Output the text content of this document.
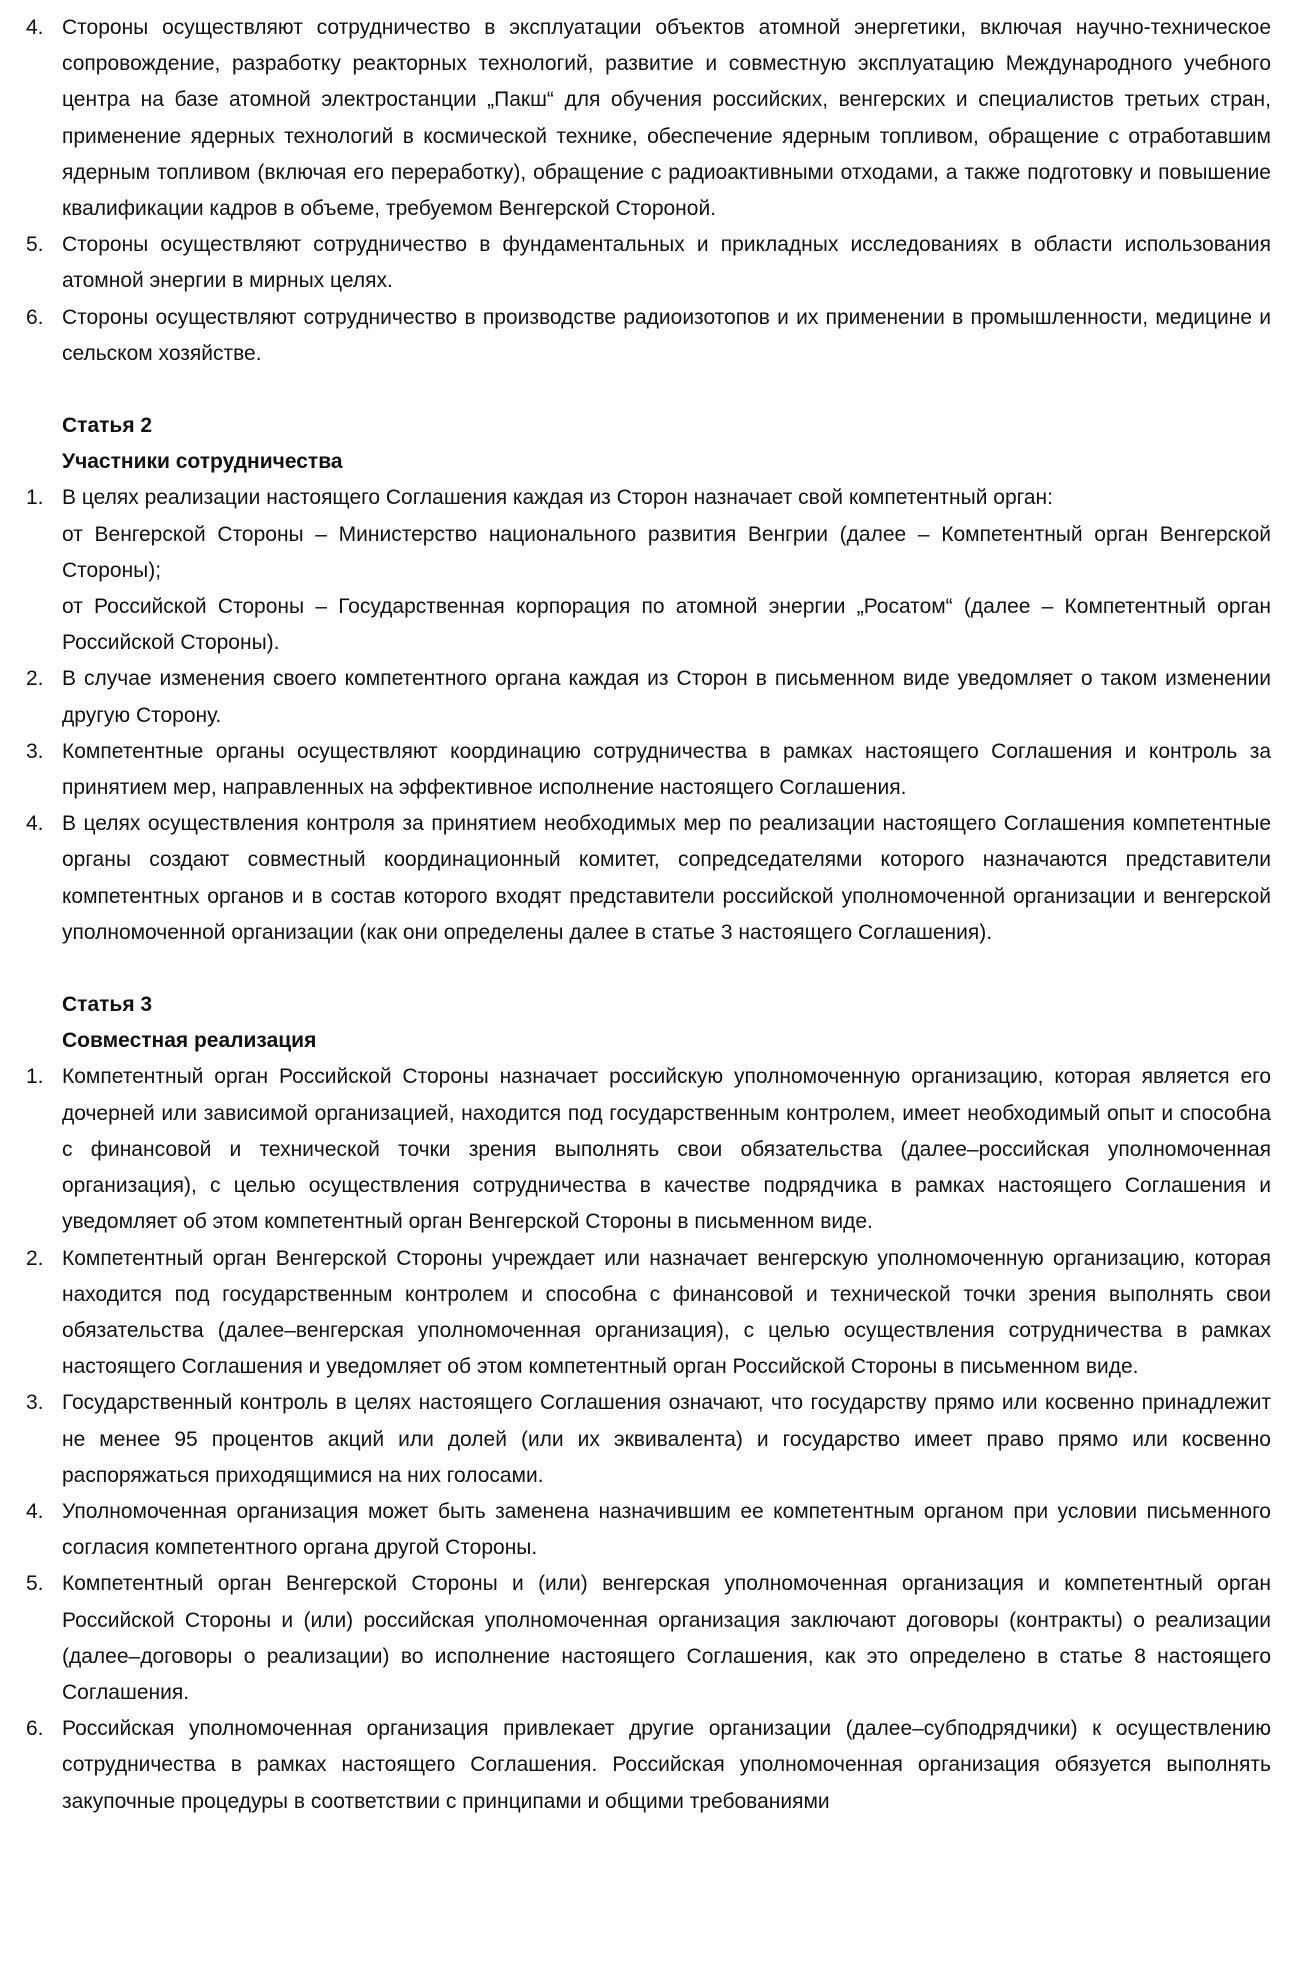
4. Стороны осуществляют сотрудничество в эксплуатации объектов атомной энергетики, включая научно-техническое сопровождение, разработку реакторных технологий, развитие и совместную эксплуатацию Международного учебного центра на базе атомной электростанции „Пакш“ для обучения российских, венгерских и специалистов третьих стран, применение ядерных технологий в космической технике, обеспечение ядерным топливом, обращение с отработавшим ядерным топливом (включая его переработку), обращение с радиоактивными отходами, а также подготовку и повышение квалификации кадров в объеме, требуемом Венгерской Стороной.
5. Стороны осуществляют сотрудничество в фундаментальных и прикладных исследованиях в области использования атомной энергии в мирных целях.
6. Стороны осуществляют сотрудничество в производстве радиоизотопов и их применении в промышленности, медицине и сельском хозяйстве.
Статья 2
Участники сотрудничества
1. В целях реализации настоящего Соглашения каждая из Сторон назначает свой компетентный орган:
от Венгерской Стороны – Министерство национального развития Венгрии (далее – Компетентный орган Венгерской Стороны);
от Российской Стороны – Государственная корпорация по атомной энергии „Росатом“ (далее – Компетентный орган Российской Стороны).
2. В случае изменения своего компетентного органа каждая из Сторон в письменном виде уведомляет о таком изменении другую Сторону.
3. Компетентные органы осуществляют координацию сотрудничества в рамках настоящего Соглашения и контроль за принятием мер, направленных на эффективное исполнение настоящего Соглашения.
4. В целях осуществления контроля за принятием необходимых мер по реализации настоящего Соглашения компетентные органы создают совместный координационный комитет, сопредседателями которого назначаются представители компетентных органов и в состав которого входят представители российской уполномоченной организации и венгерской уполномоченной организации (как они определены далее в статье 3 настоящего Соглашения).
Статья 3
Совместная реализация
1. Компетентный орган Российской Стороны назначает российскую уполномоченную организацию, которая является его дочерней или зависимой организацией, находится под государственным контролем, имеет необходимый опыт и способна с финансовой и технической точки зрения выполнять свои обязательства (далее–российская уполномоченная организация), с целью осуществления сотрудничества в качестве подрядчика в рамках настоящего Соглашения и уведомляет об этом компетентный орган Венгерской Стороны в письменном виде.
2. Компетентный орган Венгерской Стороны учреждает или назначает венгерскую уполномоченную организацию, которая находится под государственным контролем и способна с финансовой и технической точки зрения выполнять свои обязательства (далее–венгерская уполномоченная организация), с целью осуществления сотрудничества в рамках настоящего Соглашения и уведомляет об этом компетентный орган Российской Стороны в письменном виде.
3. Государственный контроль в целях настоящего Соглашения означают, что государству прямо или косвенно принадлежит не менее 95 процентов акций или долей (или их эквивалента) и государство имеет право прямо или косвенно распоряжаться приходящимися на них голосами.
4. Уполномоченная организация может быть заменена назначившим ее компетентным органом при условии письменного согласия компетентного органа другой Стороны.
5. Компетентный орган Венгерской Стороны и (или) венгерская уполномоченная организация и компетентный орган Российской Стороны и (или) российская уполномоченная организация заключают договоры (контракты) о реализации (далее–договоры о реализации) во исполнение настоящего Соглашения, как это определено в статье 8 настоящего Соглашения.
6. Российская уполномоченная организация привлекает другие организации (далее–субподрядчики) к осуществлению сотрудничества в рамках настоящего Соглашения. Российская уполномоченная организация обязуется выполнять закупочные процедуры в соответствии с принципами и общими требованиями
